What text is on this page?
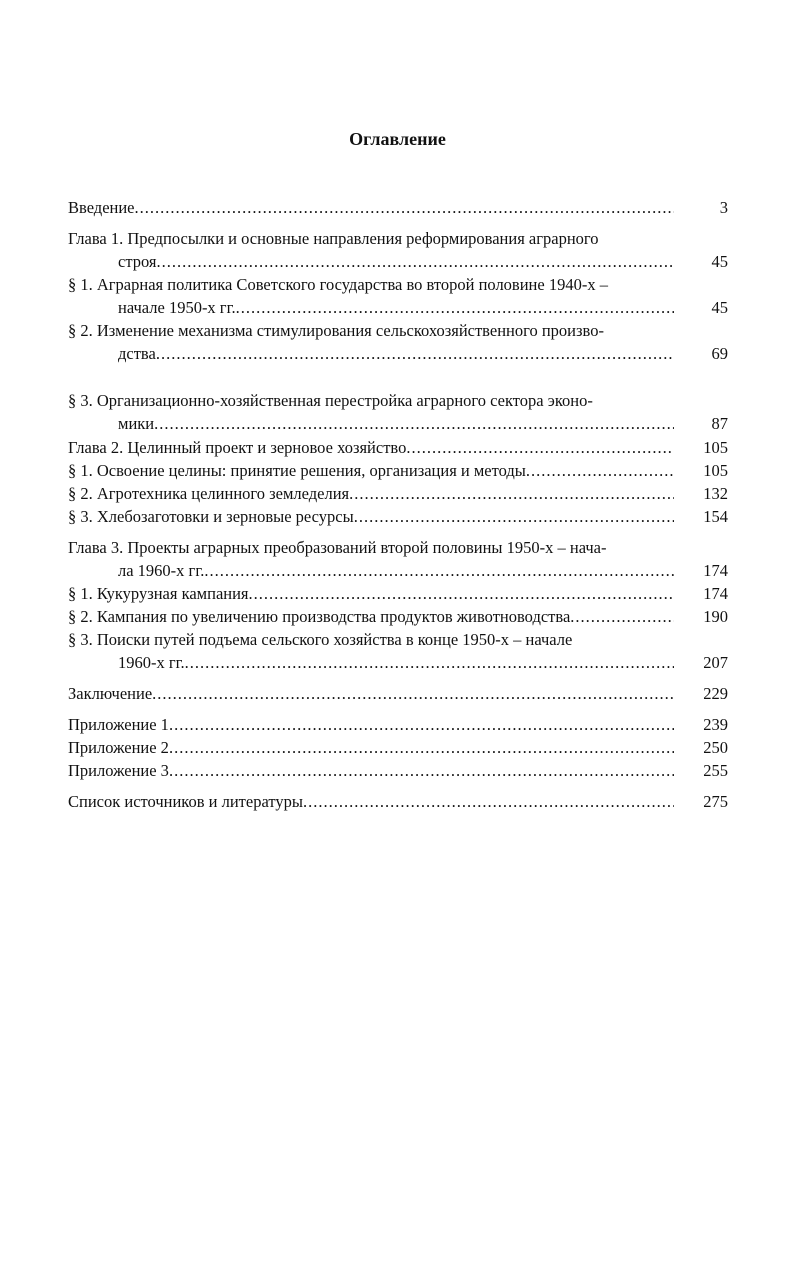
Оглавление
Введение .....	3
Глава 1. Предпосылки и основные направления реформирования аграрного
строя .....	45
§ 1. Аграрная политика Советского государства во второй половине 1940-х –
начале 1950-х гг. .....	45
§ 2. Изменение механизма стимулирования сельскохозяйственного произво-
дства .....	69
§ 3. Организационно-хозяйственная перестройка аграрного сектора эконо-
мики .....	87
Глава 2. Целинный проект и зерновое хозяйство .....	105
§ 1. Освоение целины: принятие решения, организация и методы .....	105
§ 2. Агротехника целинного земледелия .....	132
§ 3. Хлебозаготовки и зерновые ресурсы .....	154
Глава 3. Проекты аграрных преобразований второй половины 1950-х – нача-
ла 1960-х гг. .....	174
§ 1. Кукурузная кампания .....	174
§ 2. Кампания по увеличению производства продуктов животноводства .....	190
§ 3. Поиски путей подъема сельского хозяйства в конце 1950-х – начале
1960-х гг. .....	207
Заключение .....	229
Приложение 1 .....	239
Приложение 2 .....	250
Приложение 3 .....	255
Список источников и литературы .....	275
